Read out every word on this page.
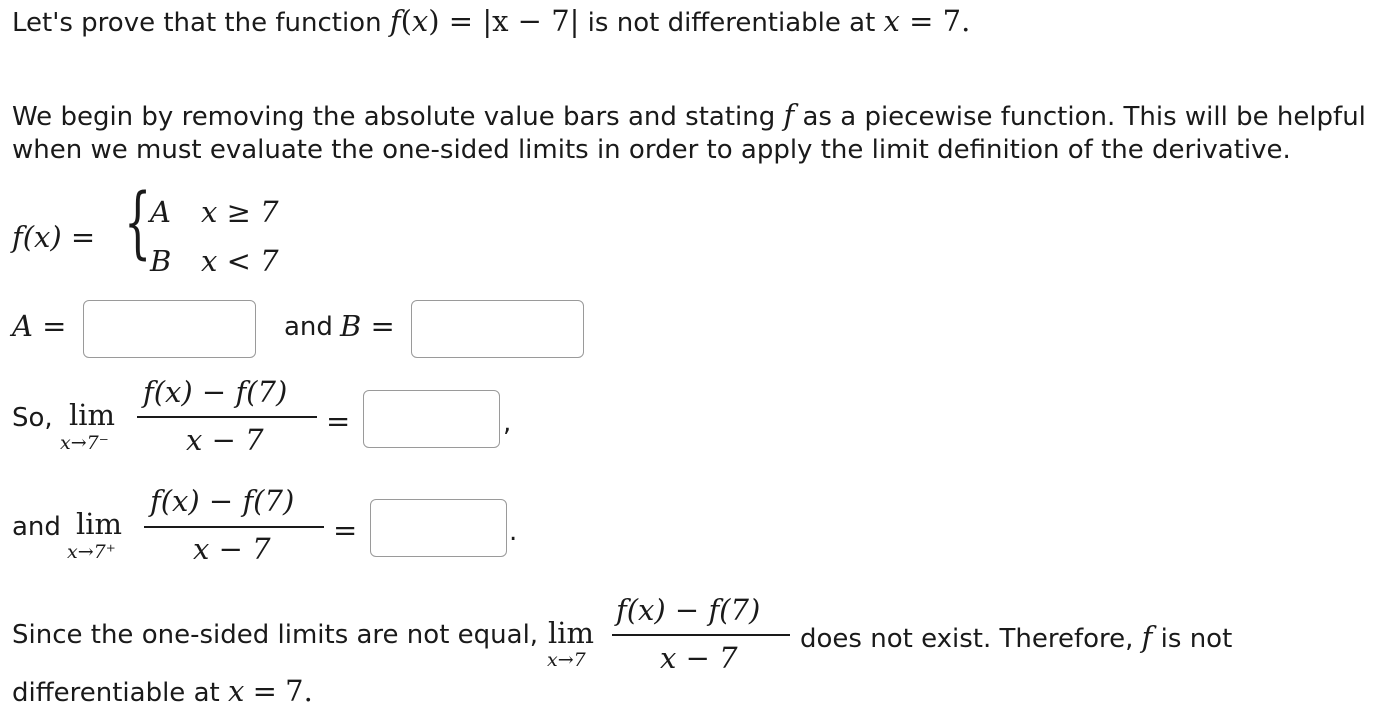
Let's prove that the function f(x) = |x − 7| is not differentiable at x = 7.
We begin by removing the absolute value bars and stating f as a piecewise function. This will be helpful
when we must evaluate the one-sided limits in order to apply the limit definition of the derivative.
f(x) = {
A x ≥ 7
B x < 7
A =	and B =
So, lim
x→7⁻
f(x) − f(7)
x − 7
=	,
and lim
x→7⁺
f(x) − f(7)
x − 7
=	.
Since the one-sided limits are not equal, lim
x→7
f(x) − f(7)
x − 7
does not exist. Therefore, f is not
differentiable at x = 7.
